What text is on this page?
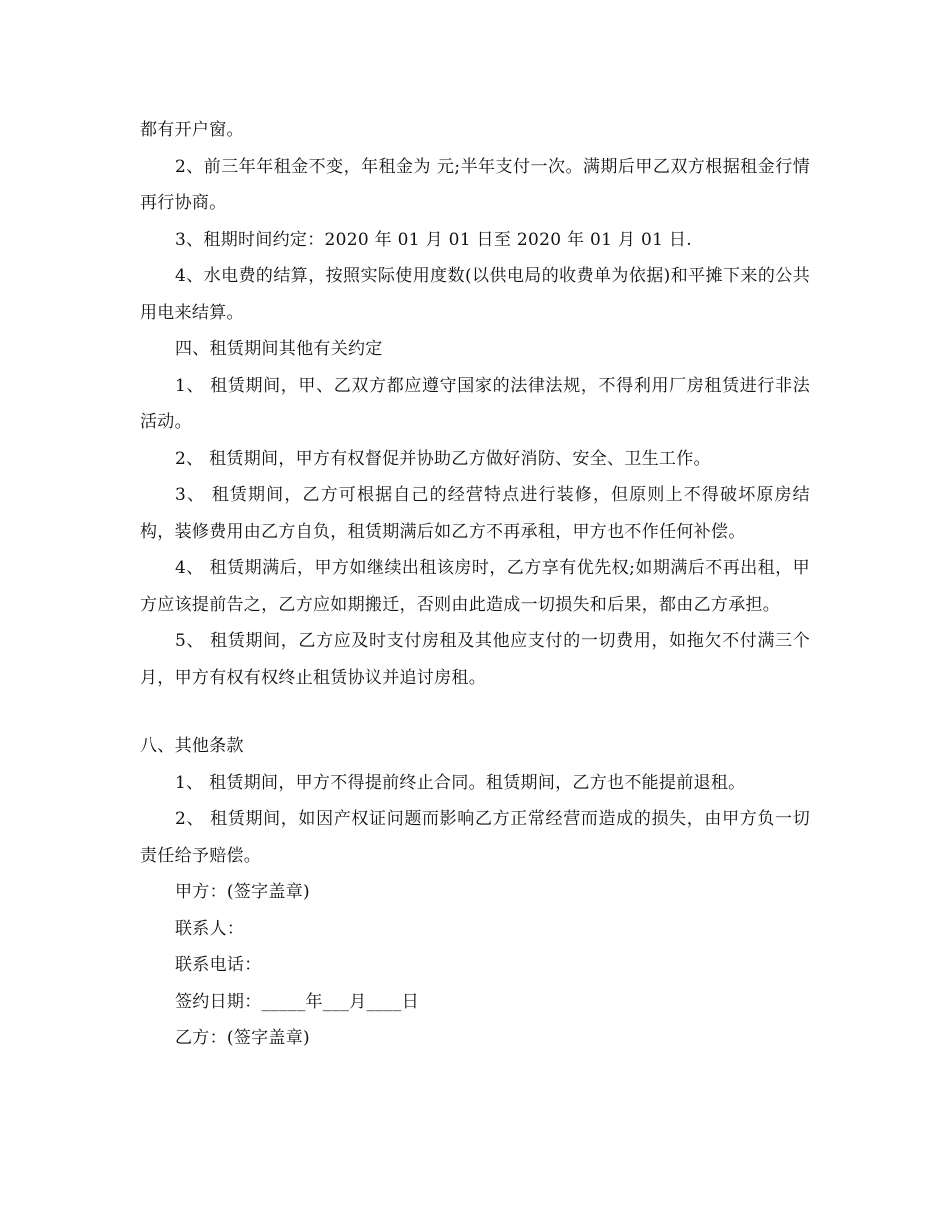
都有开户窗。

2、前三年年租金不变，年租金为 元;半年支付一次。满期后甲乙双方根据租金行情再行协商。

3、租期时间约定：2020 年 01 月 01 日至 2020 年 01 月 01 日.

4、水电费的结算，按照实际使用度数(以供电局的收费单为依据)和平摊下来的公共用电来结算。

四、租赁期间其他有关约定

1、 租赁期间，甲、乙双方都应遵守国家的法律法规，不得利用厂房租赁进行非法活动。

2、 租赁期间，甲方有权督促并协助乙方做好消防、安全、卫生工作。

3、 租赁期间，乙方可根据自己的经营特点进行装修，但原则上不得破坏原房结构，装修费用由乙方自负，租赁期满后如乙方不再承租，甲方也不作任何补偿。

4、 租赁期满后，甲方如继续出租该房时，乙方享有优先权;如期满后不再出租，甲方应该提前告之，乙方应如期搬迁，否则由此造成一切损失和后果，都由乙方承担。

5、 租赁期间，乙方应及时支付房租及其他应支付的一切费用，如拖欠不付满三个月，甲方有权有权终止租赁协议并追讨房租。

八、其他条款

1、 租赁期间，甲方不得提前终止合同。租赁期间，乙方也不能提前退租。

2、 租赁期间，如因产权证问题而影响乙方正常经营而造成的损失，由甲方负一切责任给予赔偿。

甲方：(签字盖章)

联系人：

联系电话：

签约日期：_____年___月____日

乙方：(签字盖章)
